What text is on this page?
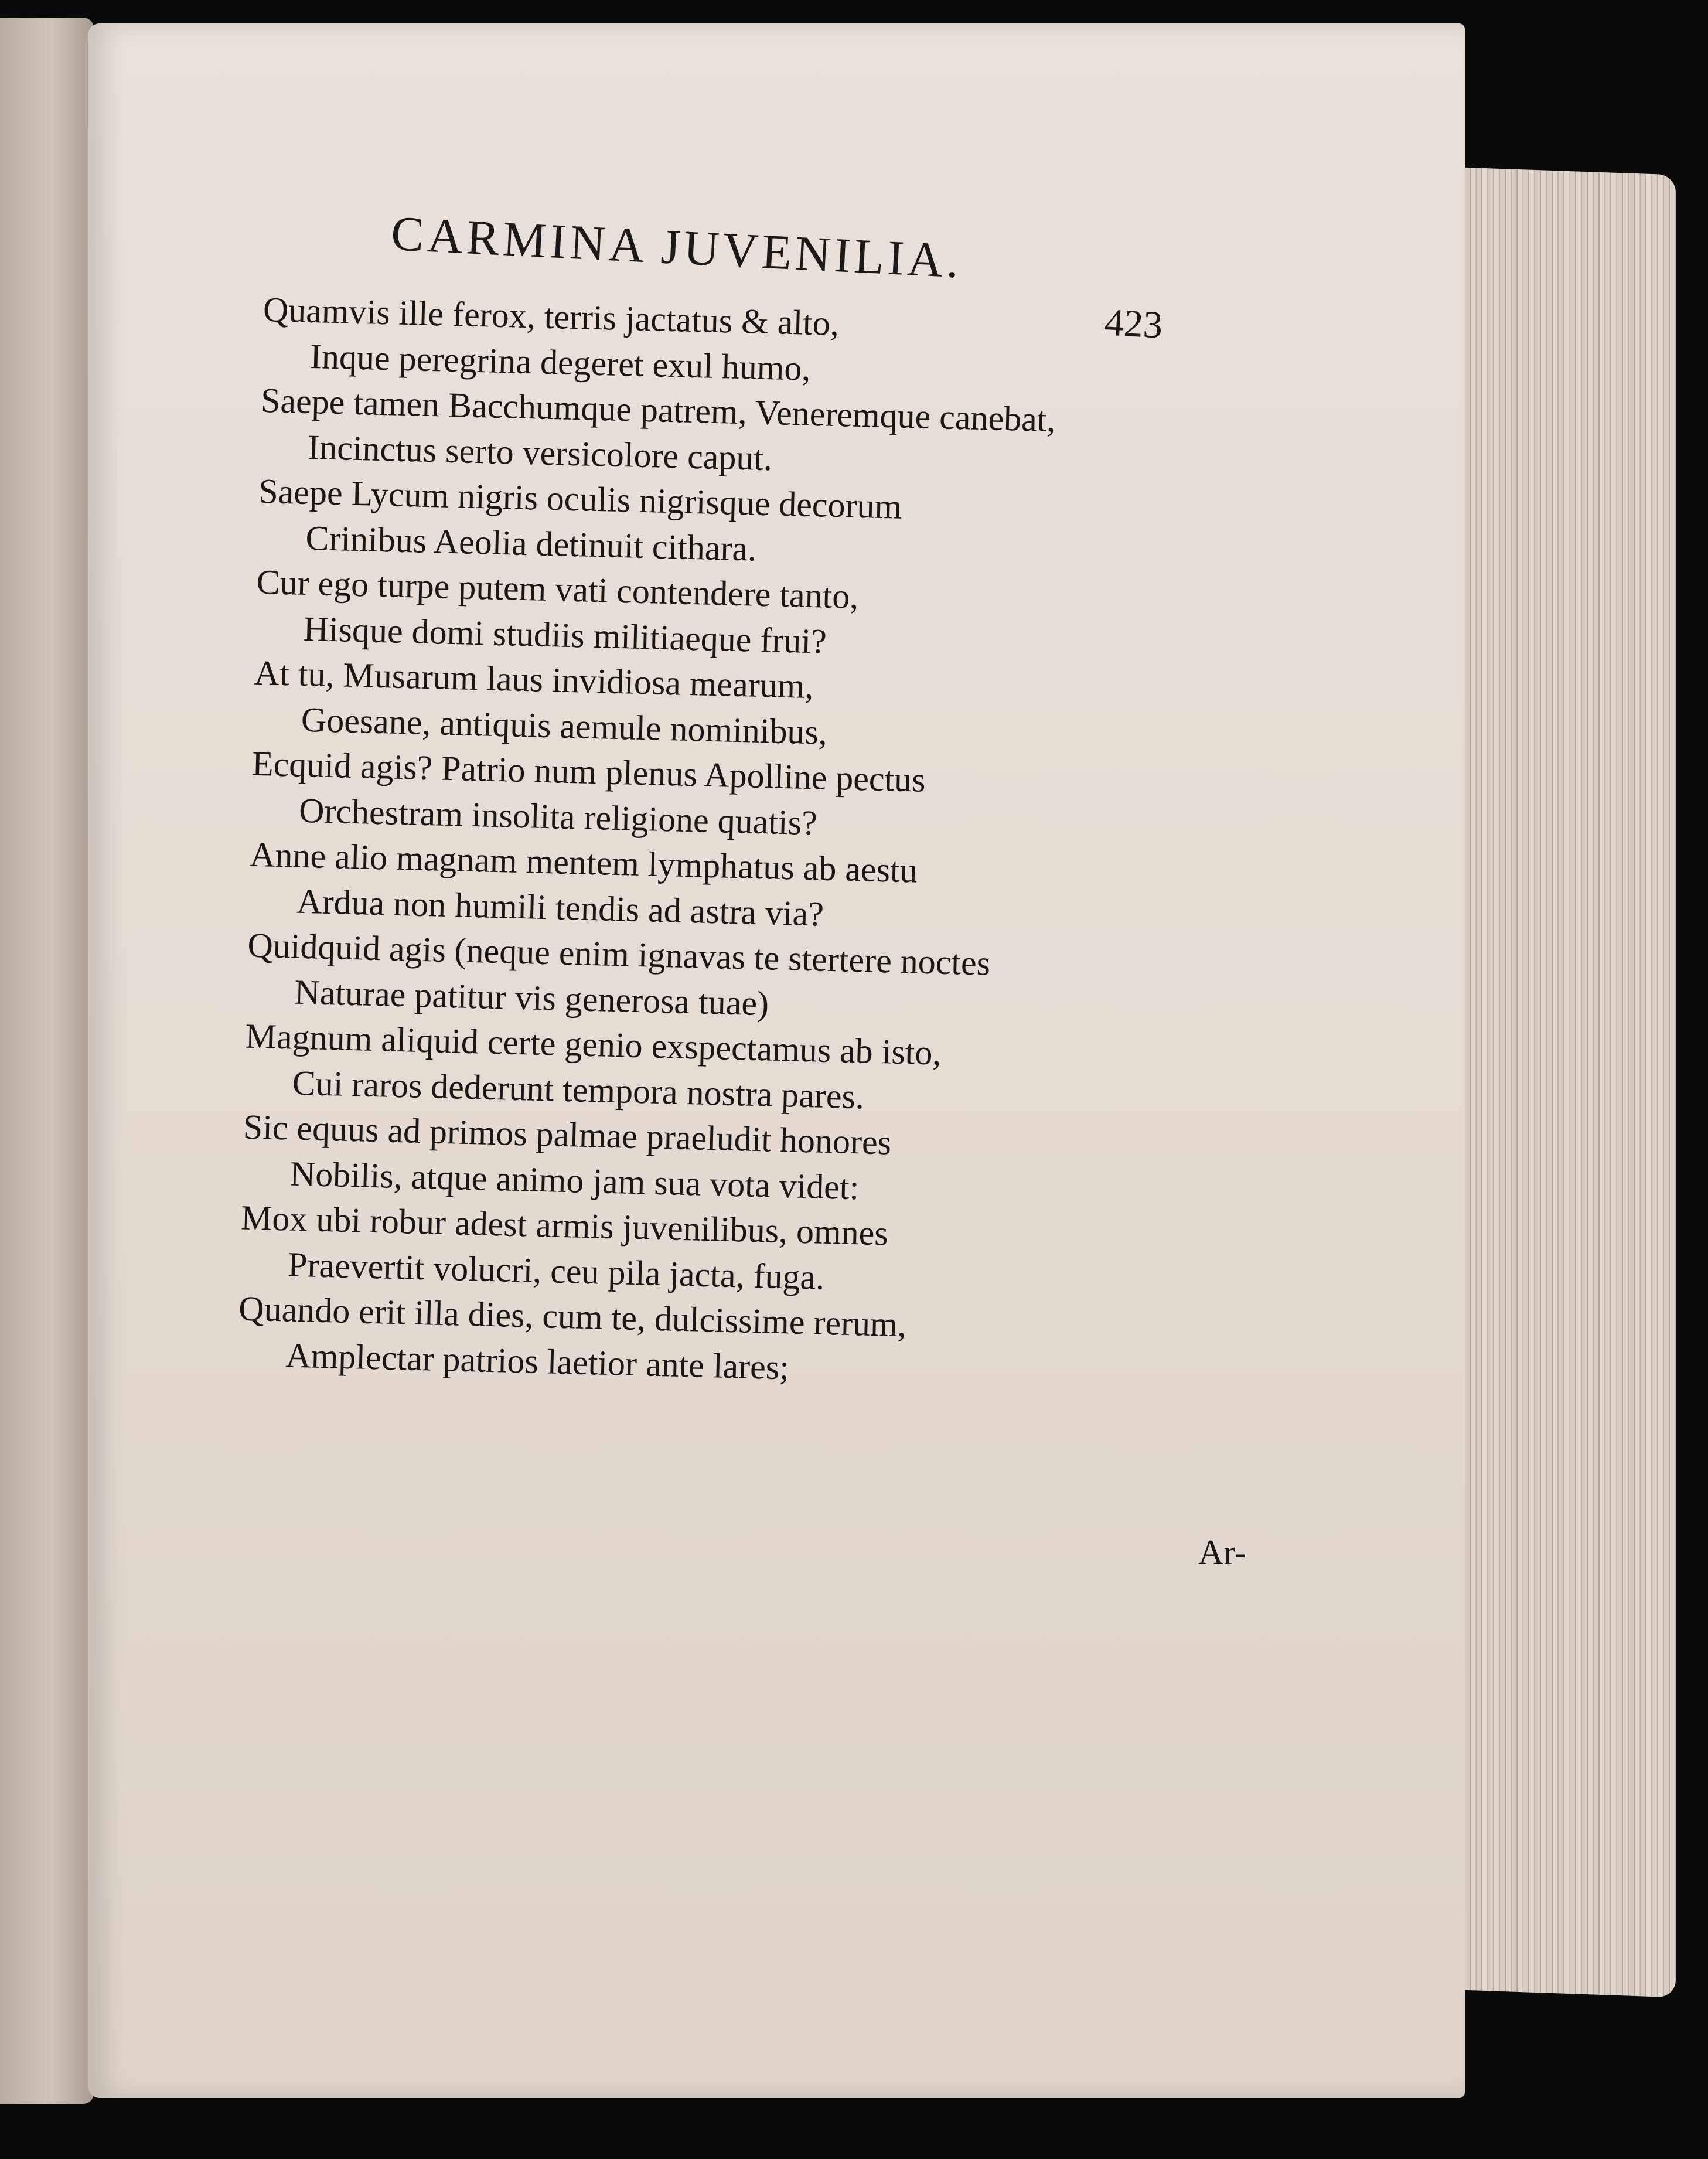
CARMINA JUVENILIA.
423
Quamvis ille ferox, terris jactatus & alto,
Inque peregrina degeret exul humo,
Saepe tamen Bacchumque patrem, Veneremque canebat,
Incinctus serto versicolore caput.
Saepe Lycum nigris oculis nigrisque decorum
Crinibus Aeolia detinuit cithara.
Cur ego turpe putem vati contendere tanto,
Hisque domi studiis militiaeque frui?
At tu, Musarum laus invidiosa mearum,
Goesane, antiquis aemule nominibus,
Ecquid agis? Patrio num plenus Apolline pectus
Orchestram insolita religione quatis?
Anne alio magnam mentem lymphatus ab aestu
Ardua non humili tendis ad astra via?
Quidquid agis (neque enim ignavas te stertere noctes
Naturae patitur vis generosa tuae)
Magnum aliquid certe genio exspectamus ab isto,
Cui raros dederunt tempora nostra pares.
Sic equus ad primos palmae praeludit honores
Nobilis, atque animo jam sua vota videt:
Mox ubi robur adest armis juvenilibus, omnes
Praevertit volucri, ceu pila jacta, fuga.
Quando erit illa dies, cum te, dulcissime rerum,
Amplectar patrios laetior ante lares;
Ar-
